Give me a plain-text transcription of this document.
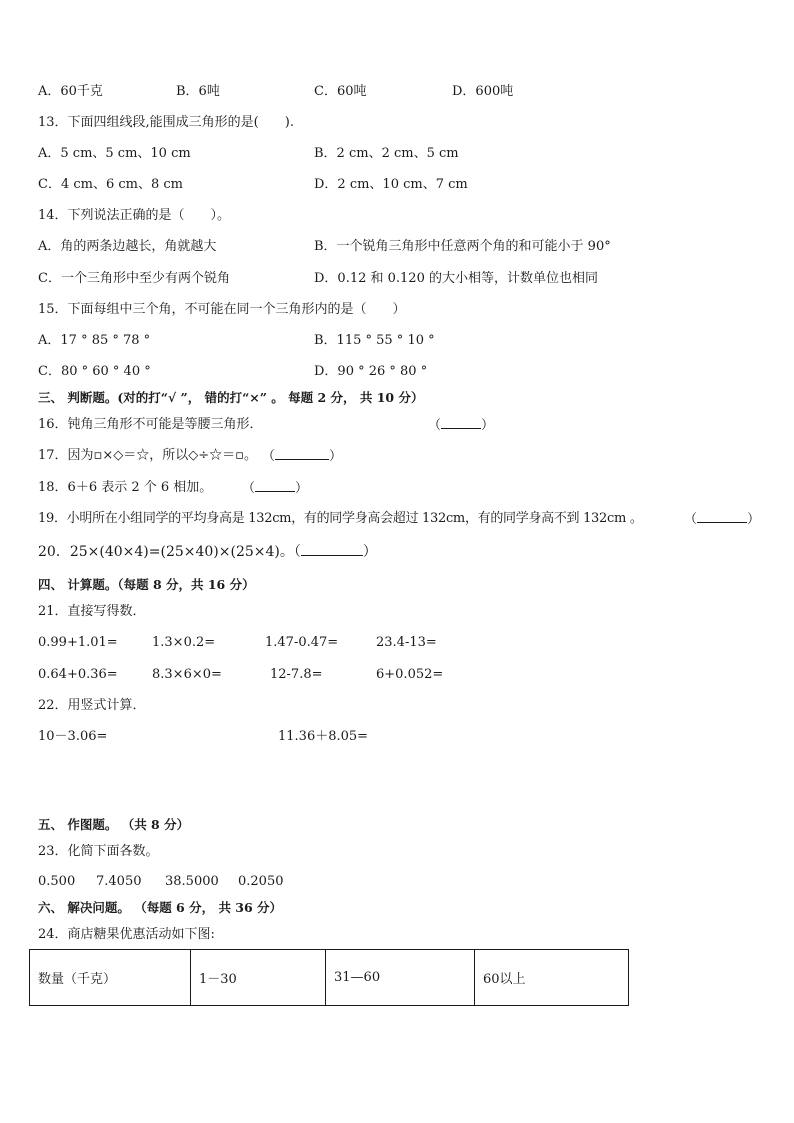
A．60千克	B．6吨	C．60吨	D．600吨
13．下面四组线段,能围成三角形的是(　　).
A．5 cm、5 cm、10 cm	B．2 cm、2 cm、5 cm
C．4 cm、6 cm、8 cm	D．2 cm、10 cm、7 cm
14．下列说法正确的是（　　）。
A．角的两条边越长，角就越大	B．一个锐角三角形中任意两个角的和可能小于 90°
C．一个三角形中至少有两个锐角	D．0.12 和 0.120 的大小相等，计数单位也相同
15．下面每组中三个角，不可能在同一个三角形内的是（　　）
A．17 ° 85 ° 78 °	B．115 ° 55 ° 10 °
C．80 ° 60 ° 40 °	D．90 ° 26 ° 80 °
三、 判断题。(对的打“√ ”， 错的打“×” 。 每题 2 分， 共 10 分）
16．钝角三角形不可能是等腰三角形．	（	）
17．因为▫×◇＝☆，所以◇÷☆＝▫。 （	）
18．6＋6 表示 2 个 6 相加。 （	）
19．小明所在小组同学的平均身高是 132cm，有的同学身高会超过 132cm，有的同学身高不到 132cm 。	（	）
20．25×(40×4)=(25×40)×(25×4)。（	）
四、 计算题。（每题 8 分，共 16 分）
21．直接写得数．
0.99+1.01=	1.3×0.2=	1.47-0.47=	23.4-13=
0.64+0.36=	8.3×6×0=	12-7.8=	6+0.052=
22．用竖式计算．
10－3.06=	11.36＋8.05=
五、 作图题。 （共 8 分）
23．化简下面各数。
0.500 7.4050 38.5000 0.2050
六、 解决问题。 （每题 6 分， 共 36 分）
24．商店糖果优惠活动如下图:
数量（千克）	1－30	31—60	60以上
